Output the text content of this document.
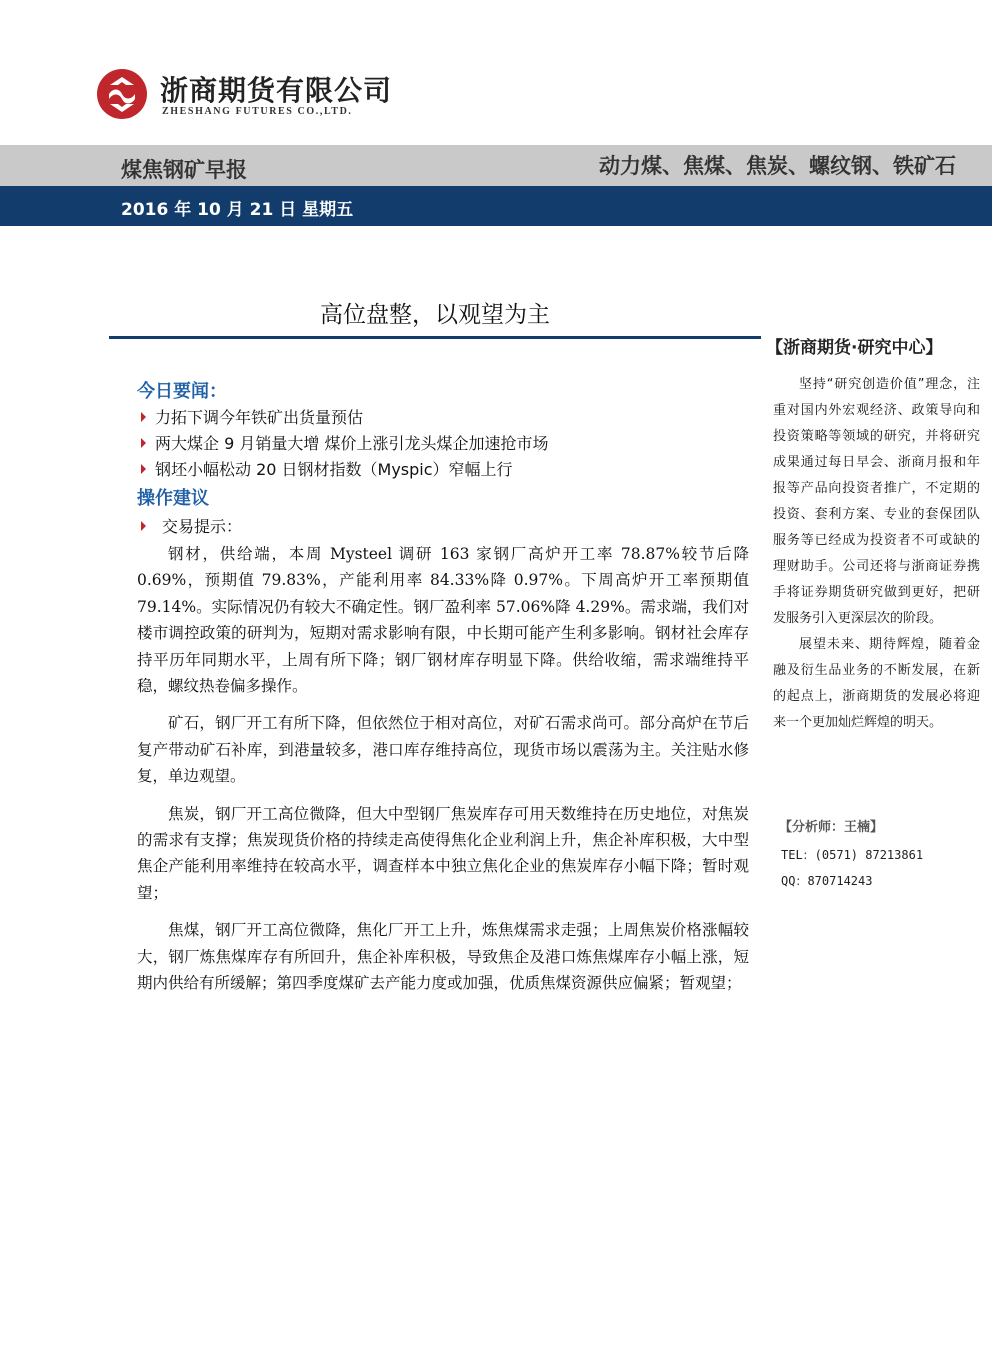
浙商期货有限公司
ZHESHANG FUTURES CO.,LTD.
煤焦钢矿早报	动力煤、焦煤、焦炭、螺纹钢、铁矿石
2016 年 10 月 21 日 星期五
高位盘整，以观望为主
【浙商期货·研究中心】

坚持“研究创造价值”理念，注重对国内外宏观经济、政策导向和投资策略等领域的研究，并将研究成果通过每日早会、浙商月报和年报等产品向投资者推广，不定期的投资、套利方案、专业的套保团队服务等已经成为投资者不可或缺的理财助手。公司还将与浙商证券携手将证券期货研究做到更好，把研发服务引入更深层次的阶段。

展望未来、期待辉煌，随着金融及衍生品业务的不断发展，在新的起点上，浙商期货的发展必将迎来一个更加灿烂辉煌的明天。

【分析师：王楠】
TEL：(0571) 87213861
QQ：870714243
今日要闻：
力拓下调今年铁矿出货量预估
两大煤企 9 月销量大增 煤价上涨引龙头煤企加速抢市场
钢坯小幅松动 20 日钢材指数（Myspic）窄幅上行
操作建议
交易提示：

钢材，供给端，本周 Mysteel 调研 163 家钢厂高炉开工率 78.87%较节后降 0.69%，预期值 79.83%，产能利用率 84.33%降 0.97%。下周高炉开工率预期值 79.14%。实际情况仍有较大不确定性。钢厂盈利率 57.06%降 4.29%。需求端，我们对楼市调控政策的研判为，短期对需求影响有限，中长期可能产生利多影响。钢材社会库存持平历年同期水平，上周有所下降；钢厂钢材库存明显下降。供给收缩，需求端维持平稳，螺纹热卷偏多操作。

矿石，钢厂开工有所下降，但依然位于相对高位，对矿石需求尚可。部分高炉在节后复产带动矿石补库，到港量较多，港口库存维持高位，现货市场以震荡为主。关注贴水修复，单边观望。

焦炭，钢厂开工高位微降，但大中型钢厂焦炭库存可用天数维持在历史地位，对焦炭的需求有支撑；焦炭现货价格的持续走高使得焦化企业利润上升，焦企补库积极，大中型焦企产能利用率维持在较高水平，调查样本中独立焦化企业的焦炭库存小幅下降；暂时观望；

焦煤，钢厂开工高位微降，焦化厂开工上升，炼焦煤需求走强；上周焦炭价格涨幅较大，钢厂炼焦煤库存有所回升，焦企补库积极，导致焦企及港口炼焦煤库存小幅上涨，短期内供给有所缓解；第四季度煤矿去产能力度或加强，优质焦煤资源供应偏紧；暂观望；
